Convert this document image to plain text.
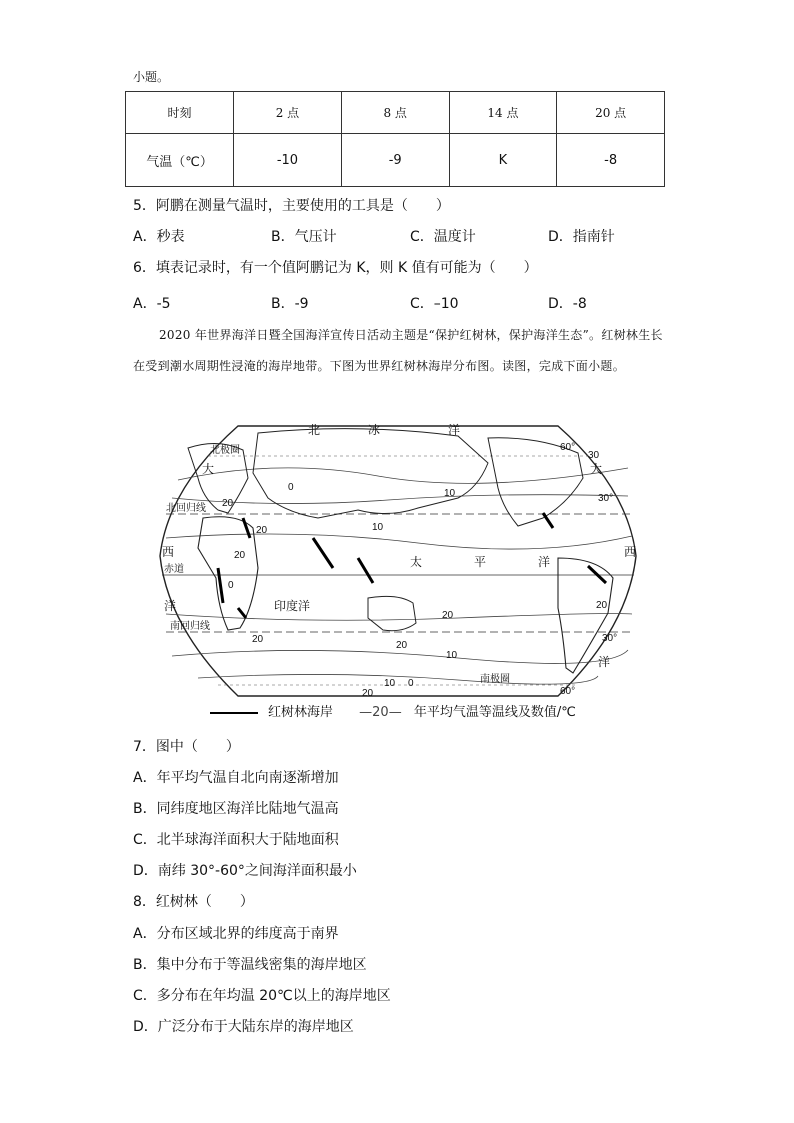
小题。
时刻	2 点	8 点	14 点	20 点
气温（℃）	-10	-9	K	-8
5．阿鹏在测量气温时，主要使用的工具是（　　）
A．秒表	B．气压计	C．温度计	D．指南针
6．填表记录时，有一个值阿鹏记为 K，则 K 值有可能为（　　）
A．-5	B．-9	C．–10	D．-8
2020 年世界海洋日暨全国海洋宣传日活动主题是“保护红树林，保护海洋生态”。红树林生长在受到潮水周期性浸淹的海岸地带。下图为世界红树林海岸分布图。读图，完成下面小题。
北	冰	洋
大
西
洋
太	平	洋
大
西
洋
印度洋
北回归线
赤道
南回归线
北极圈
南极圈
60°
30°
30°
60°
0
10
20
30
20	10
20
20
20
20
10
20
10 0
20
0
红树林海岸 —20— 年平均气温等温线及数值/℃
7．图中（　　）
A．年平均气温自北向南逐渐增加
B．同纬度地区海洋比陆地气温高
C．北半球海洋面积大于陆地面积
D．南纬 30°-60°之间海洋面积最小
8．红树林（　　）
A．分布区域北界的纬度高于南界
B．集中分布于等温线密集的海岸地区
C．多分布在年均温 20℃以上的海岸地区
D．广泛分布于大陆东岸的海岸地区
